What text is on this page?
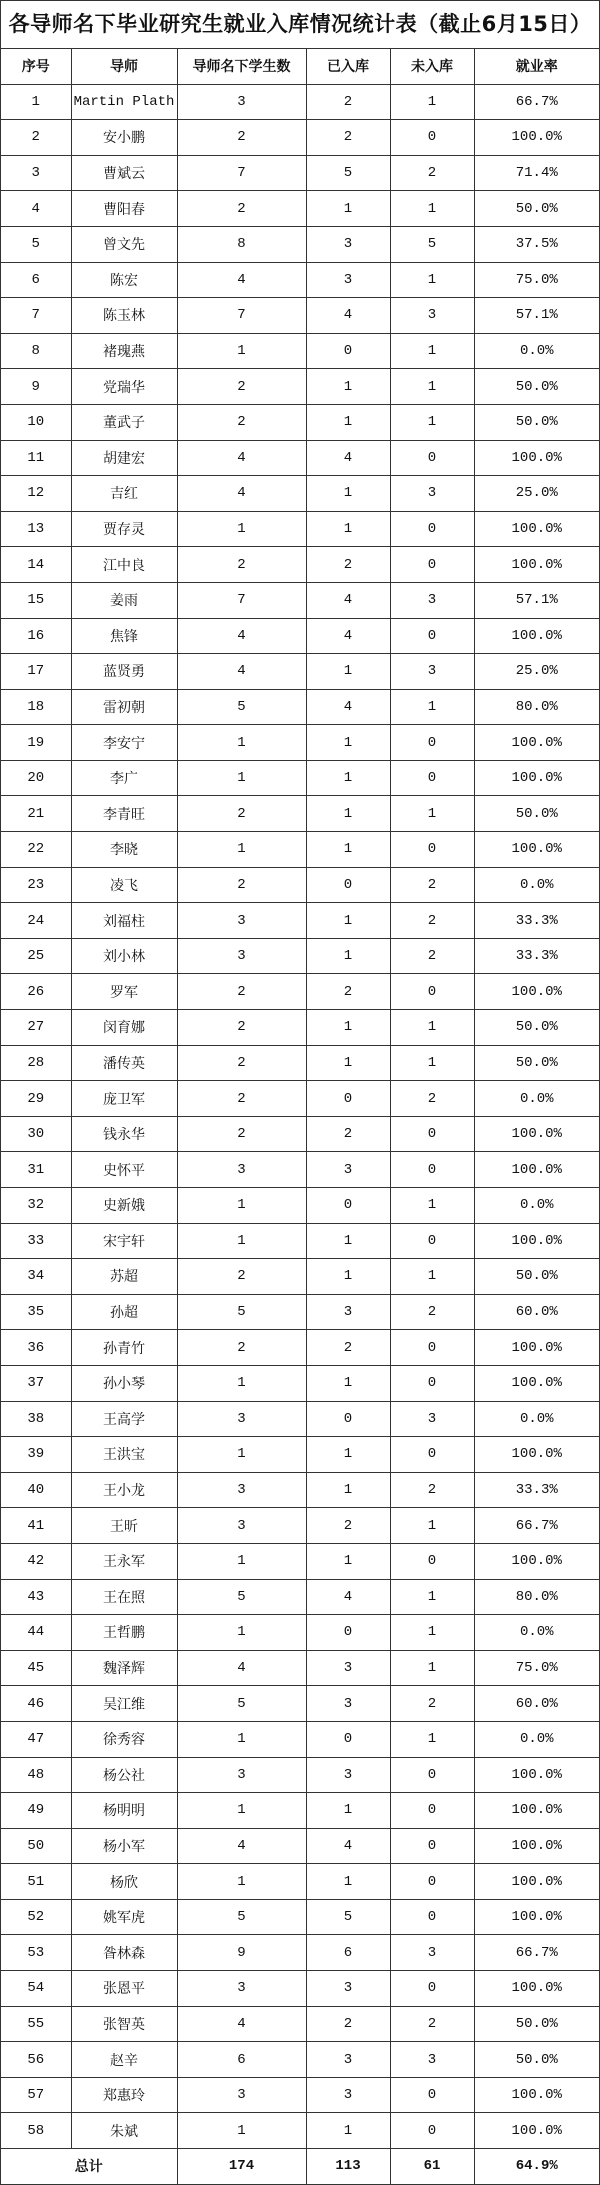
各导师名下毕业研究生就业入库情况统计表（截止6月15日）
序号	导师	导师名下学生数	已入库	未入库	就业率
1	Martin Plath	3	2	1	66.7%
2	安小鹏	2	2	0	100.0%
3	曹斌云	7	5	2	71.4%
4	曹阳春	2	1	1	50.0%
5	曾文先	8	3	5	37.5%
6	陈宏	4	3	1	75.0%
7	陈玉林	7	4	3	57.1%
8	褚瑰燕	1	0	1	0.0%
9	党瑞华	2	1	1	50.0%
10	董武子	2	1	1	50.0%
11	胡建宏	4	4	0	100.0%
12	吉红	4	1	3	25.0%
13	贾存灵	1	1	0	100.0%
14	江中良	2	2	0	100.0%
15	姜雨	7	4	3	57.1%
16	焦锋	4	4	0	100.0%
17	蓝贤勇	4	1	3	25.0%
18	雷初朝	5	4	1	80.0%
19	李安宁	1	1	0	100.0%
20	李广	1	1	0	100.0%
21	李青旺	2	1	1	50.0%
22	李晓	1	1	0	100.0%
23	凌飞	2	0	2	0.0%
24	刘福柱	3	1	2	33.3%
25	刘小林	3	1	2	33.3%
26	罗军	2	2	0	100.0%
27	闵育娜	2	1	1	50.0%
28	潘传英	2	1	1	50.0%
29	庞卫军	2	0	2	0.0%
30	钱永华	2	2	0	100.0%
31	史怀平	3	3	0	100.0%
32	史新娥	1	0	1	0.0%
33	宋宇轩	1	1	0	100.0%
34	苏超	2	1	1	50.0%
35	孙超	5	3	2	60.0%
36	孙青竹	2	2	0	100.0%
37	孙小琴	1	1	0	100.0%
38	王高学	3	0	3	0.0%
39	王洪宝	1	1	0	100.0%
40	王小龙	3	1	2	33.3%
41	王昕	3	2	1	66.7%
42	王永军	1	1	0	100.0%
43	王在照	5	4	1	80.0%
44	王哲鹏	1	0	1	0.0%
45	魏泽辉	4	3	1	75.0%
46	吴江维	5	3	2	60.0%
47	徐秀容	1	0	1	0.0%
48	杨公社	3	3	0	100.0%
49	杨明明	1	1	0	100.0%
50	杨小军	4	4	0	100.0%
51	杨欣	1	1	0	100.0%
52	姚军虎	5	5	0	100.0%
53	昝林森	9	6	3	66.7%
54	张恩平	3	3	0	100.0%
55	张智英	4	2	2	50.0%
56	赵辛	6	3	3	50.0%
57	郑惠玲	3	3	0	100.0%
58	朱斌	1	1	0	100.0%
总计		174	113	61	64.9%
